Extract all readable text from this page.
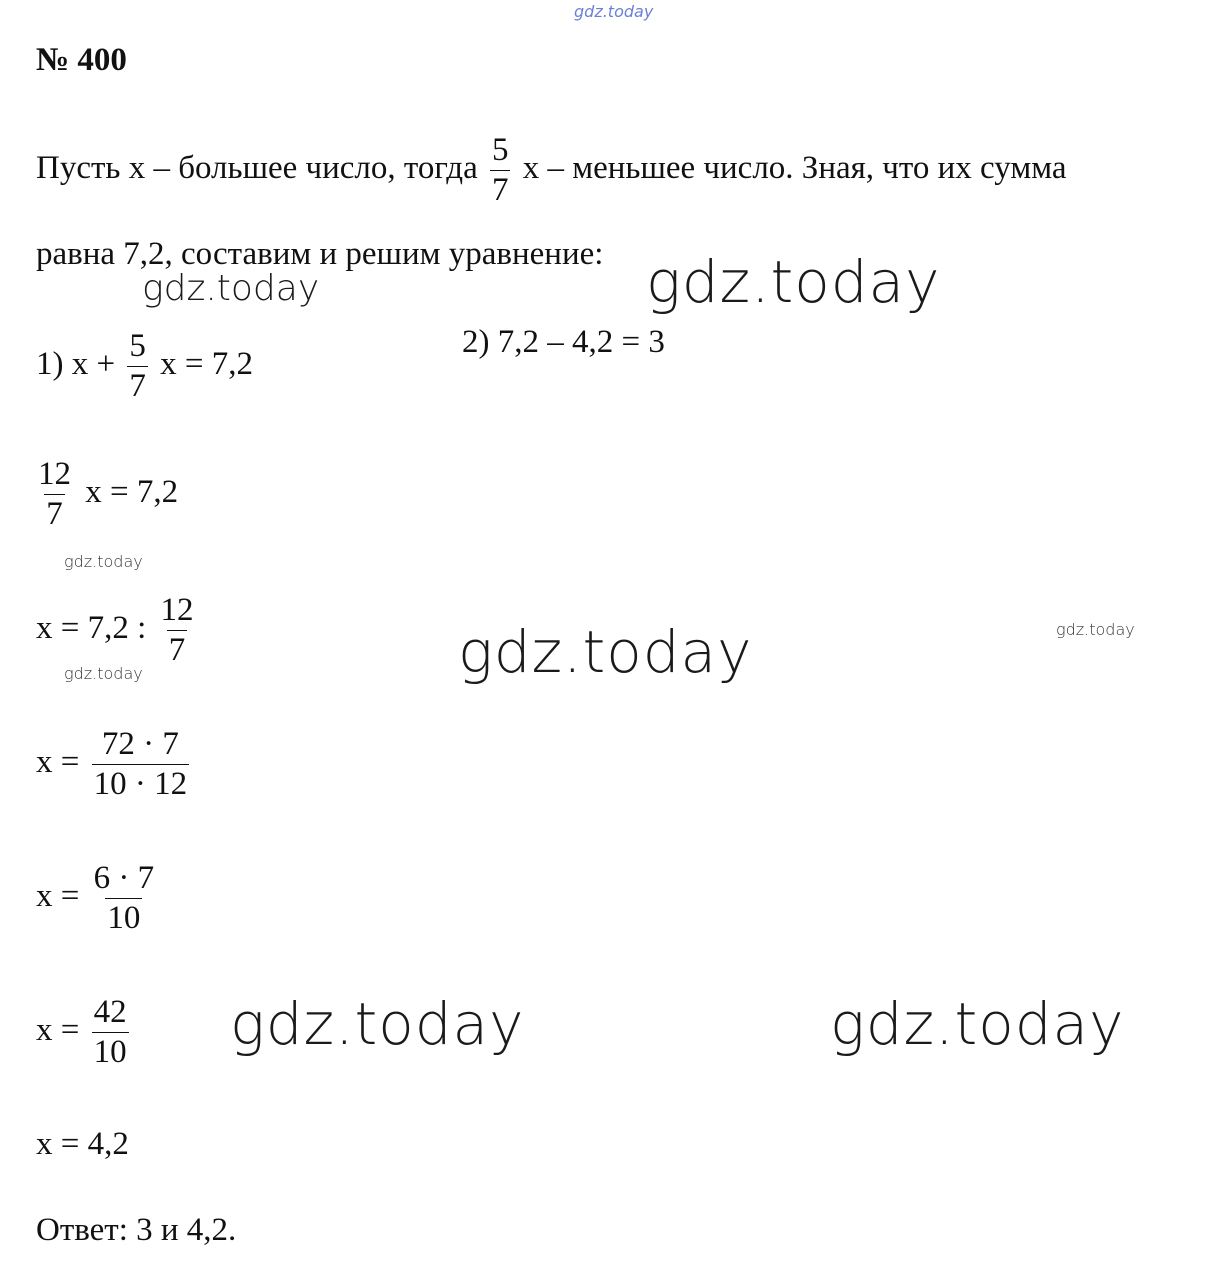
gdz.today
gdz.today	gdz.today
gdz.today
gdz.today	gdz.today
gdz.today
gdz.today	gdz.today
№ 400
Пусть x – большее число, тогда $\frac{5}{7}$ x – меньшее число. Зная, что их сумма
равна 7,2, составим и решим уравнение:
1) $x + \frac{5}{7}$ x = 7,2
2) 7,2 – 4,2 = 3
$\frac{12}{7}$ x = 7,2
x = 7,2 : $\frac{12}{7}$
$x = \frac{72 \cdot 7}{10 \cdot 12}$
$x = \frac{6 \cdot 7}{10}$
$x = \frac{42}{10}$
x = 4,2
Ответ: 3 и 4,2.
